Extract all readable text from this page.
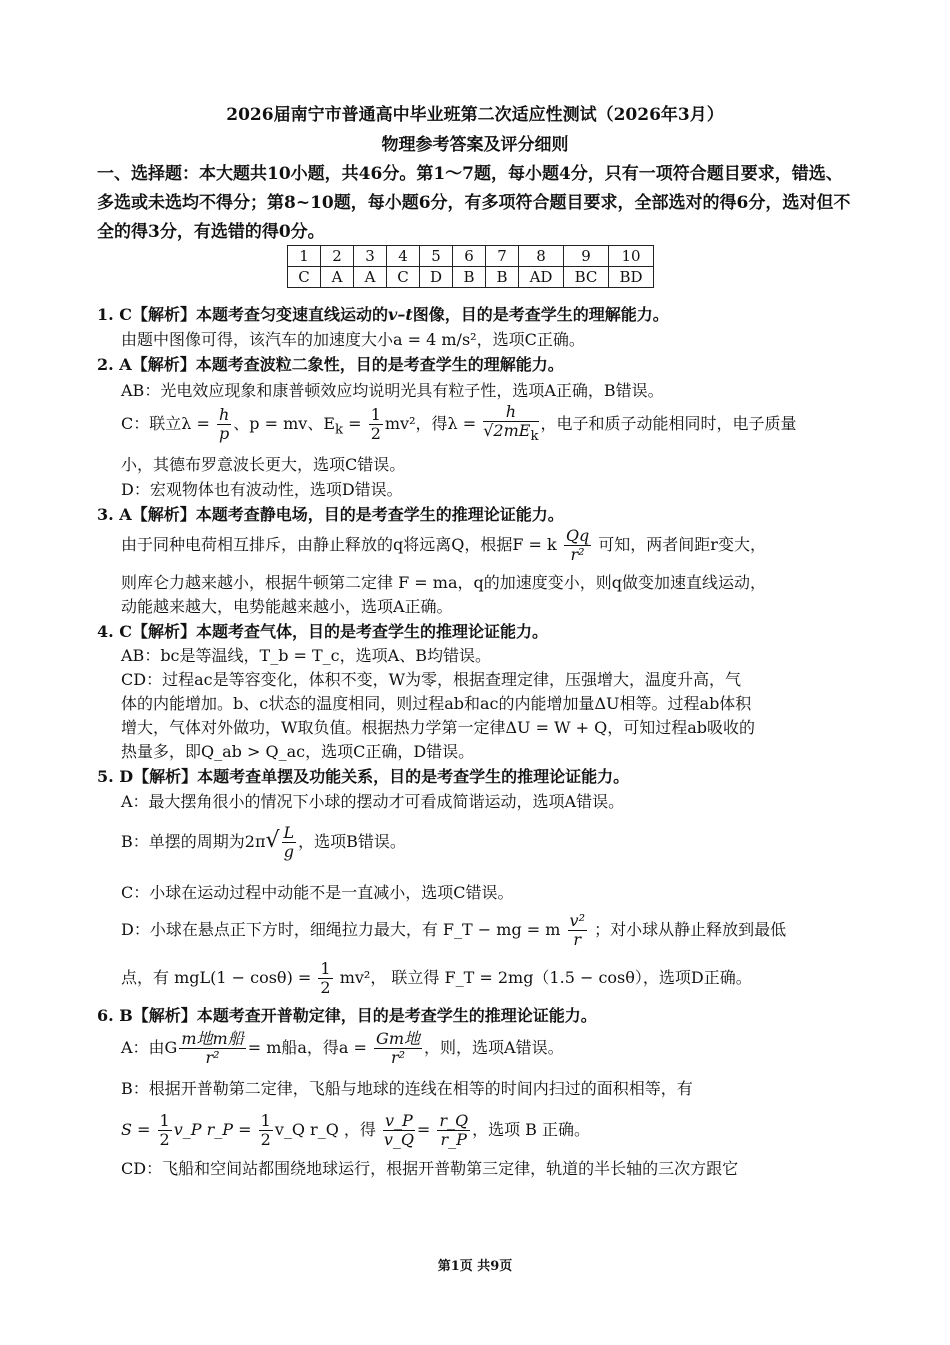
2026届南宁市普通高中毕业班第二次适应性测试（2026年3月）
物理参考答案及评分细则
一、选择题：本大题共10小题，共46分。第1～7题，每小题4分，只有一项符合题目要求，错选、多选或未选均不得分；第8~10题，每小题6分，有多项符合题目要求，全部选对的得6分，选对但不全的得3分，有选错的得0分。
1	2	3	4	5	6	7	8	9	10
C	A	A	C	D	B	B	AD	BC	BD
1. C【解析】本题考查匀变速直线运动的v–t图像，目的是考查学生的理解能力。
由题中图像可得，该汽车的加速度大小a = 4 m/s²，选项C正确。
2. A【解析】本题考查波粒二象性，目的是考查学生的理解能力。
AB：光电效应现象和康普顿效应均说明光具有粒子性，选项A正确，B错误。
C：联立$\lambda = \frac{h}{p}$ 、p = mv、$E_k = \frac{1}{2} mv^2$，得$\lambda = \frac{h}{√2mE_k}$ ，电子和质子动能相同时，电子质量
小，其德布罗意波长更大，选项C错误。
D：宏观物体也有波动性，选项D错误。
3. A【解析】本题考查静电场，目的是考查学生的推理论证能力。
由于同种电荷相互排斥，由静止释放的q将远离Q，根据F = k $\frac{Qq}{\text{r²}}$ 可知，两者间距r变大，
则库仑力越来越小，根据牛顿第二定律 F = ma，q的加速度变小，则q做变加速直线运动，
动能越来越大，电势能越来越小，选项A正确。
4. C【解析】本题考查气体，目的是考查学生的推理论证能力。
AB：bc是等温线，T_b = T_c，选项A、B均错误。
CD：过程ac是等容变化，体积不变，W为零，根据查理定律，压强增大，温度升高，气
体的内能增加。b、c状态的温度相同，则过程ab和ac的内能增加量ΔU相等。过程ab体积
增大，气体对外做功，W取负值。根据热力学第一定律ΔU = W + Q，可知过程ab吸收的
热量多，即Q_ab > Q_ac，选项C正确，D错误。
5. D【解析】本题考查单摆及功能关系，目的是考查学生的推理论证能力。
A：最大摆角很小的情况下小球的摆动才可看成简谐运动，选项A错误。
B：单摆的周期为$2\pi√ \frac{L}{g}$ ，选项B错误。
C：小球在运动过程中动能不是一直减小，选项C错误。
D：小球在悬点正下方时，细绳拉力最大，有 F_T − mg = m $\frac{\text{v²}}{r}$ ；对小球从静止释放到最低
点，有 $mgL(1 - \cos\theta) = \frac{1}{2} mv^2$， 联立得 F_T = 2mg（1.5 − cosθ），选项D正确。
6. B【解析】本题考查开普勒定律，目的是考查学生的推理论证能力。
A：由G $\frac{\text{m地m船}}{\text{r²}} = m$船a，得$a = \frac{\text{Gm地}}{\text{r²}}$ ，则，选项A错误。
B：根据开普勒第二定律，飞船与地球的连线在相等的时间内扫过的面积相等，有
$S = \frac{1}{2}$ v_P r_P = $\frac{1}{2}$ v_Q r_Q ，得 $\frac{v\_P}{v\_Q} = \frac{r\_Q}{r\_P}$ ，选项 B 正确。
CD：飞船和空间站都围绕地球运行，根据开普勒第三定律，轨道的半长轴的三次方跟它
第1页 共9页
